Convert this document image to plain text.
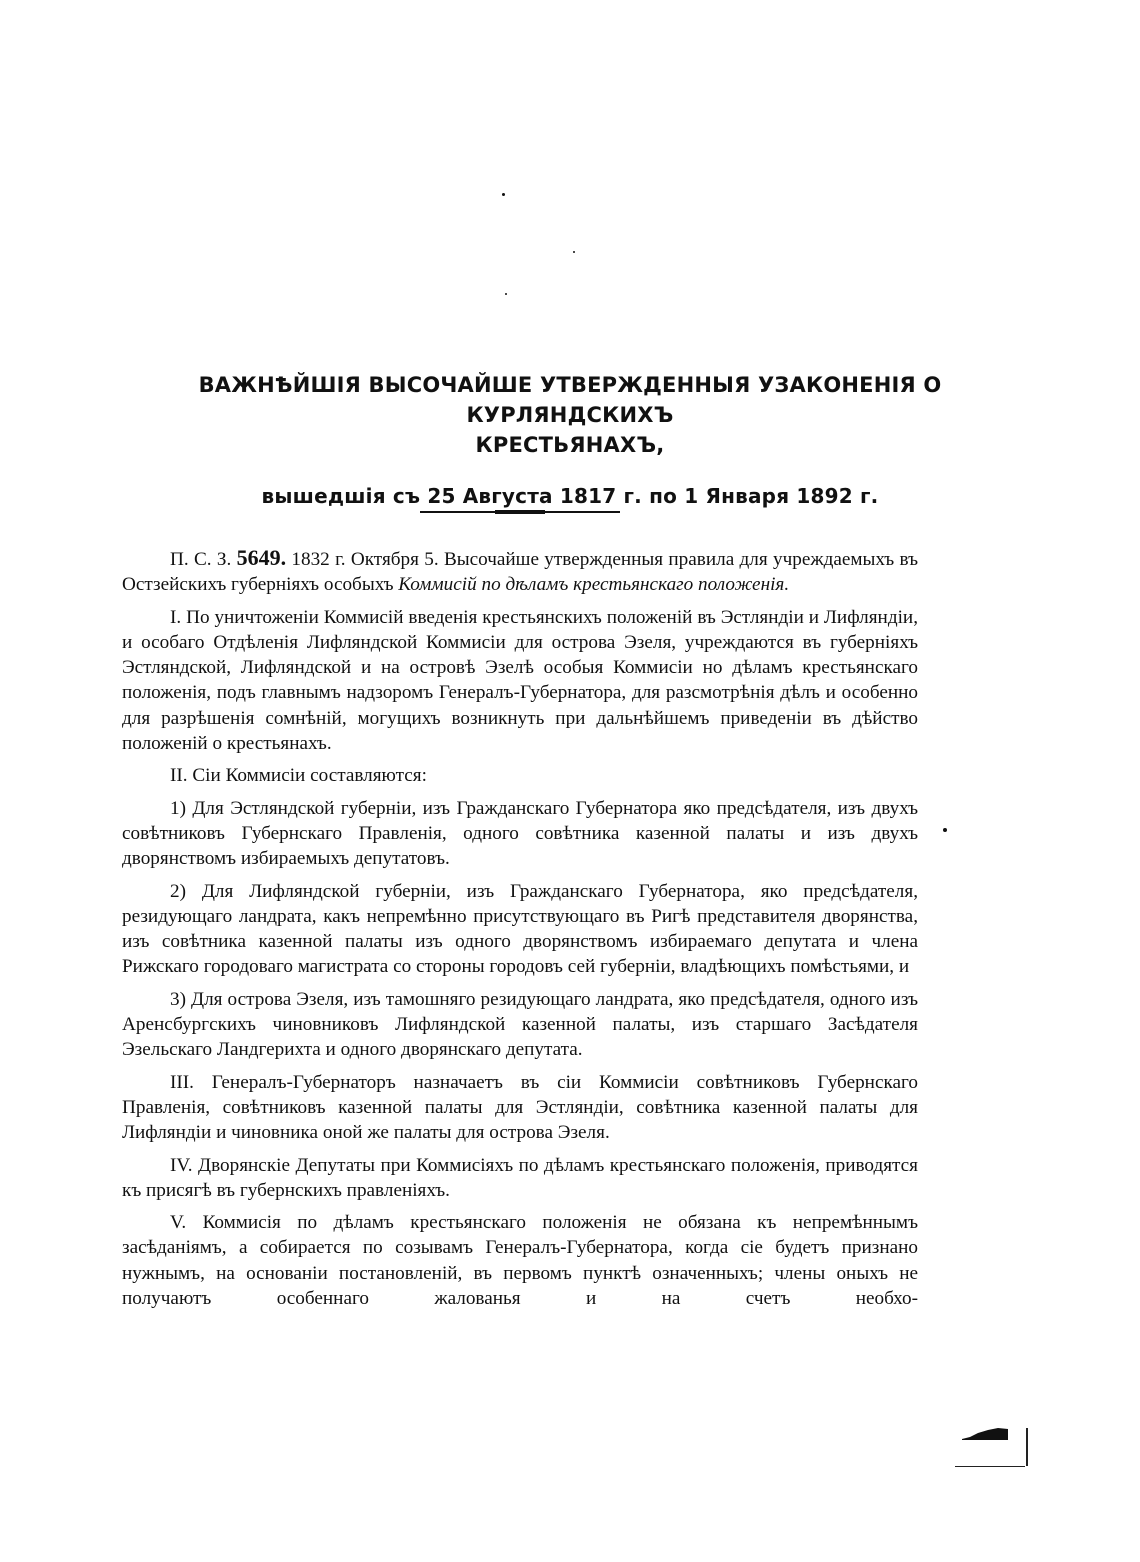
ВАЖНѢЙШІЯ ВЫСОЧАЙШЕ УТВЕРЖДЕННЫЯ УЗАКОНЕНІЯ О КУРЛЯНДСКИХЪ
КРЕСТЬЯНАХЪ,
вышедшія съ 25 Августа 1817 г. по 1 Января 1892 г.

П. С. З. 5649. 1832 г. Октября 5. Высочайше утвержденныя правила для учреждаемыхъ въ Остзейскихъ губерніяхъ особыхъ Коммисій по дѣламъ крестьянскаго положенія.

I. По уничтоженіи Коммисій введенія крестьянскихъ положеній въ Эстляндіи и Лифляндіи, и особаго Отдѣленія Лифляндской Коммисіи для острова Эзеля, учреждаются въ губерніяхъ Эстляндской, Лифляндской и на островѣ Эзелѣ особыя Коммисіи но дѣламъ крестьянскаго положенія, подъ главнымъ надзоромъ Генералъ-Губернатора, для разсмотрѣнія дѣлъ и особенно для разрѣшенія сомнѣній, могущихъ возникнуть при дальнѣйшемъ приведеніи въ дѣйство положеній о крестьянахъ.

II. Сіи Коммисіи составляются:

1) Для Эстляндской губерніи, изъ Гражданскаго Губернатора яко предсѣдателя, изъ двухъ совѣтниковъ Губернскаго Правленія, одного совѣтника казенной палаты и изъ двухъ дворянствомъ избираемыхъ депутатовъ.

2) Для Лифляндской губерніи, изъ Гражданскаго Губернатора, яко предсѣдателя, резидующаго ландрата, какъ непремѣнно присутствующаго въ Ригѣ представителя дворянства, изъ совѣтника казенной палаты изъ одного дворянствомъ избираемаго депутата и члена Рижскаго городоваго магистрата со стороны городовъ сей губерніи, владѣющихъ помѣстьями, и

3) Для острова Эзеля, изъ тамошняго резидующаго ландрата, яко предсѣдателя, одного изъ Аренсбургскихъ чиновниковъ Лифляндской казенной палаты, изъ старшаго Засѣдателя Эзельскаго Ландгерихта и одного дворянскаго депутата.

III. Генералъ-Губернаторъ назначаетъ въ сіи Коммисіи совѣтниковъ Губернскаго Правленія, совѣтниковъ казенной палаты для Эстляндіи, совѣтника казенной палаты для Лифляндіи и чиновника оной же палаты для острова Эзеля.

IV. Дворянскіе Депутаты при Коммисіяхъ по дѣламъ крестьянскаго положенія, приводятся къ присягѣ въ губернскихъ правленіяхъ.

V. Коммисія по дѣламъ крестьянскаго положенія не обязана къ непремѣннымъ засѣданіямъ, а собирается по созывамъ Генералъ-Губернатора, когда сіе будетъ признано нужнымъ, на основаніи постановленій, въ первомъ пунктѣ означенныхъ; члены оныхъ не получаютъ особеннаго жалованья и на счетъ необхо-
